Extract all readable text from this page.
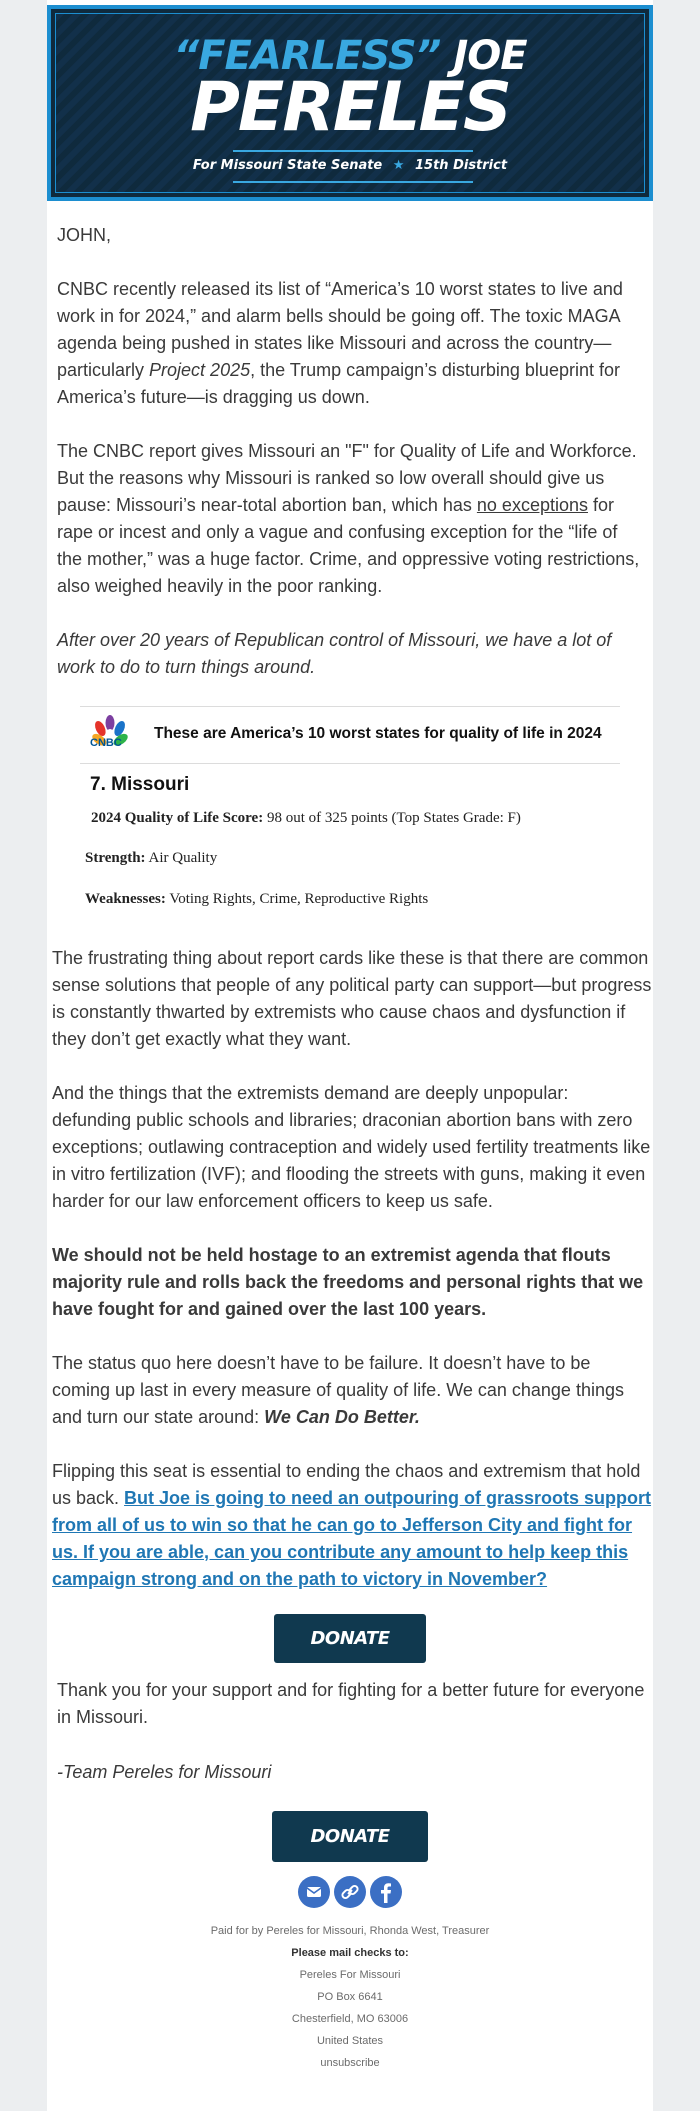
“FEARLESS” JOE
PERELES
For Missouri State Senate ★ 15th District

JOHN,

CNBC recently released its list of “America’s 10 worst states to live and work in for 2024,” and alarm bells should be going off. The toxic MAGA agenda being pushed in states like Missouri and across the country—particularly Project 2025, the Trump campaign’s disturbing blueprint for America’s future—is dragging us down.

The CNBC report gives Missouri an "F" for Quality of Life and Workforce. But the reasons why Missouri is ranked so low overall should give us pause: Missouri’s near-total abortion ban, which has no exceptions for rape or incest and only a vague and confusing exception for the “life of the mother,” was a huge factor. Crime, and oppressive voting restrictions, also weighed heavily in the poor ranking.

After over 20 years of Republican control of Missouri, we have a lot of work to do to turn things around.

CNBC
These are America’s 10 worst states for quality of life in 2024
7. Missouri
2024 Quality of Life Score: 98 out of 325 points (Top States Grade: F)
Strength: Air Quality
Weaknesses: Voting Rights, Crime, Reproductive Rights

The frustrating thing about report cards like these is that there are common sense solutions that people of any political party can support—but progress is constantly thwarted by extremists who cause chaos and dysfunction if they don’t get exactly what they want.

And the things that the extremists demand are deeply unpopular: defunding public schools and libraries; draconian abortion bans with zero exceptions; outlawing contraception and widely used fertility treatments like in vitro fertilization (IVF); and flooding the streets with guns, making it even harder for our law enforcement officers to keep us safe.

We should not be held hostage to an extremist agenda that flouts majority rule and rolls back the freedoms and personal rights that we have fought for and gained over the last 100 years.

The status quo here doesn’t have to be failure. It doesn’t have to be coming up last in every measure of quality of life. We can change things and turn our state around: We Can Do Better.

Flipping this seat is essential to ending the chaos and extremism that hold us back. But Joe is going to need an outpouring of grassroots support from all of us to win so that he can go to Jefferson City and fight for us. If you are able, can you contribute any amount to help keep this campaign strong and on the path to victory in November?

DONATE

Thank you for your support and for fighting for a better future for everyone in Missouri.

-Team Pereles for Missouri

DONATE
Paid for by Pereles for Missouri, Rhonda West, Treasurer
Please mail checks to:
Pereles For Missouri
PO Box 6641
Chesterfield, MO 63006
United States
unsubscribe
